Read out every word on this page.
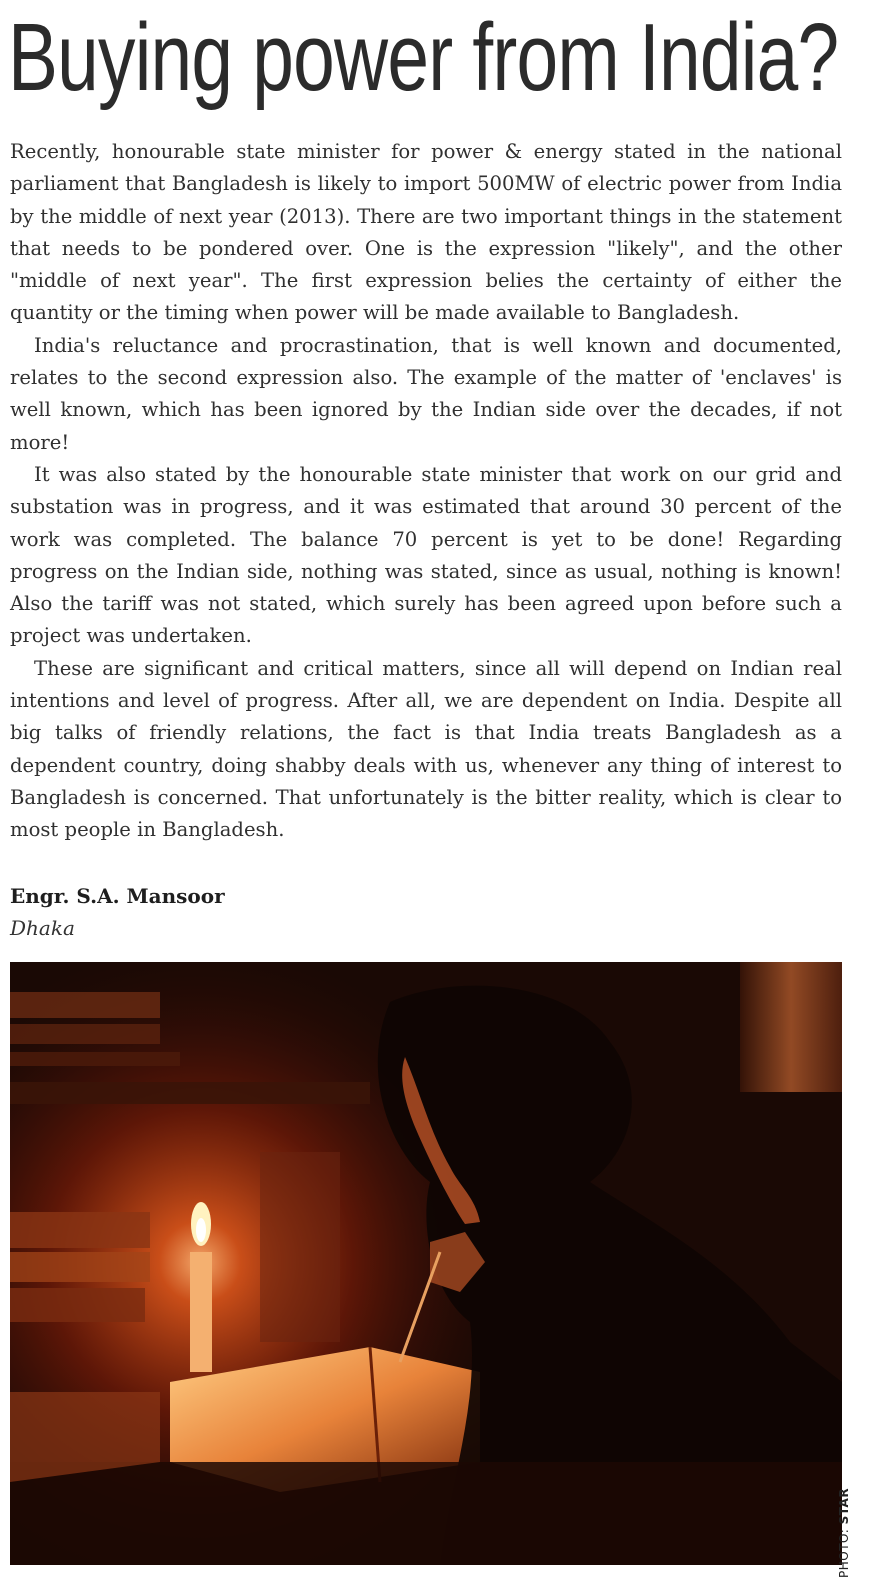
Buying power from India?

Recently, honourable state minister for power & energy stated in the national parliament that Bangladesh is likely to import 500MW of electric power from India by the middle of next year (2013). There are two important things in the statement that needs to be pondered over. One is the expression "likely", and the other "middle of next year". The first expression belies the certainty of either the quantity or the timing when power will be made available to Bangladesh.

India's reluctance and procrastination, that is well known and documented, relates to the second expression also. The example of the matter of 'enclaves' is well known, which has been ignored by the Indian side over the decades, if not more!

It was also stated by the honourable state minister that work on our grid and substation was in progress, and it was estimated that around 30 percent of the work was completed. The balance 70 percent is yet to be done! Regarding progress on the Indian side, nothing was stated, since as usual, nothing is known! Also the tariff was not stated, which surely has been agreed upon before such a project was undertaken.

These are significant and critical matters, since all will depend on Indian real intentions and level of progress. After all, we are dependent on India. Despite all big talks of friendly relations, the fact is that India treats Bangladesh as a dependent country, doing shabby deals with us, whenever any thing of interest to Bangladesh is concerned. That unfortunately is the bitter reality, which is clear to most people in Bangladesh.

Engr. S.A. Mansoor

Dhaka

PHOTO: STAR
